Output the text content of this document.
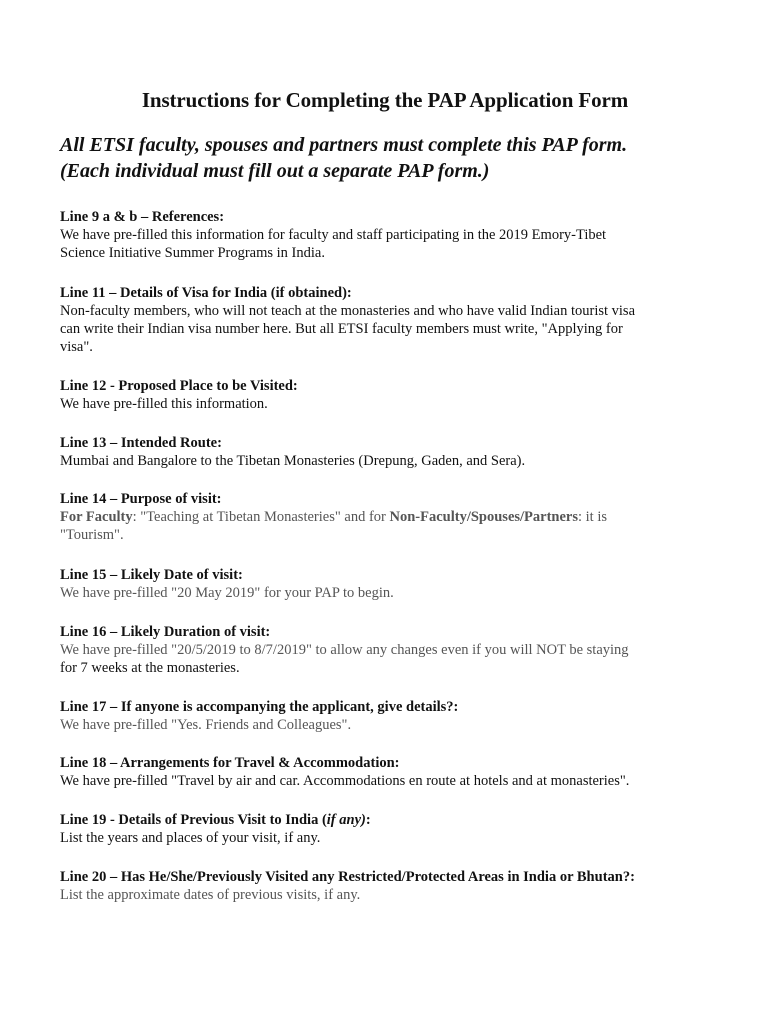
Instructions for Completing the PAP Application Form
All ETSI faculty, spouses and partners must complete this PAP form.
(Each individual must fill out a separate PAP form.)
Line 9 a & b – References:

We have pre-filled this information for faculty and staff participating in the 2019 Emory-Tibet

Science Initiative Summer Programs in India.

Line 11 – Details of Visa for India (if obtained):

Non-faculty members, who will not teach at the monasteries and who have valid Indian tourist visa

can write their Indian visa number here. But all ETSI faculty members must write, "Applying for

visa".

Line 12 - Proposed Place to be Visited:

We have pre-filled this information.

Line 13 – Intended Route:

Mumbai and Bangalore to the Tibetan Monasteries (Drepung, Gaden, and Sera).

Line 14 – Purpose of visit:

For Faculty: "Teaching at Tibetan Monasteries" and for Non-Faculty/Spouses/Partners: it is

"Tourism".

Line 15 – Likely Date of visit:

We have pre-filled "20 May 2019" for your PAP to begin.

Line 16 – Likely Duration of visit:

We have pre-filled "20/5/2019 to 8/7/2019" to allow any changes even if you will NOT be staying

for 7 weeks at the monasteries.

Line 17 – If anyone is accompanying the applicant, give details?:

We have pre-filled "Yes. Friends and Colleagues".

Line 18 – Arrangements for Travel & Accommodation:

We have pre-filled "Travel by air and car. Accommodations en route at hotels and at monasteries".

Line 19 - Details of Previous Visit to India (if any):

List the years and places of your visit, if any.

Line 20 – Has He/She/Previously Visited any Restricted/Protected Areas in India or Bhutan?:

List the approximate dates of previous visits, if any.
